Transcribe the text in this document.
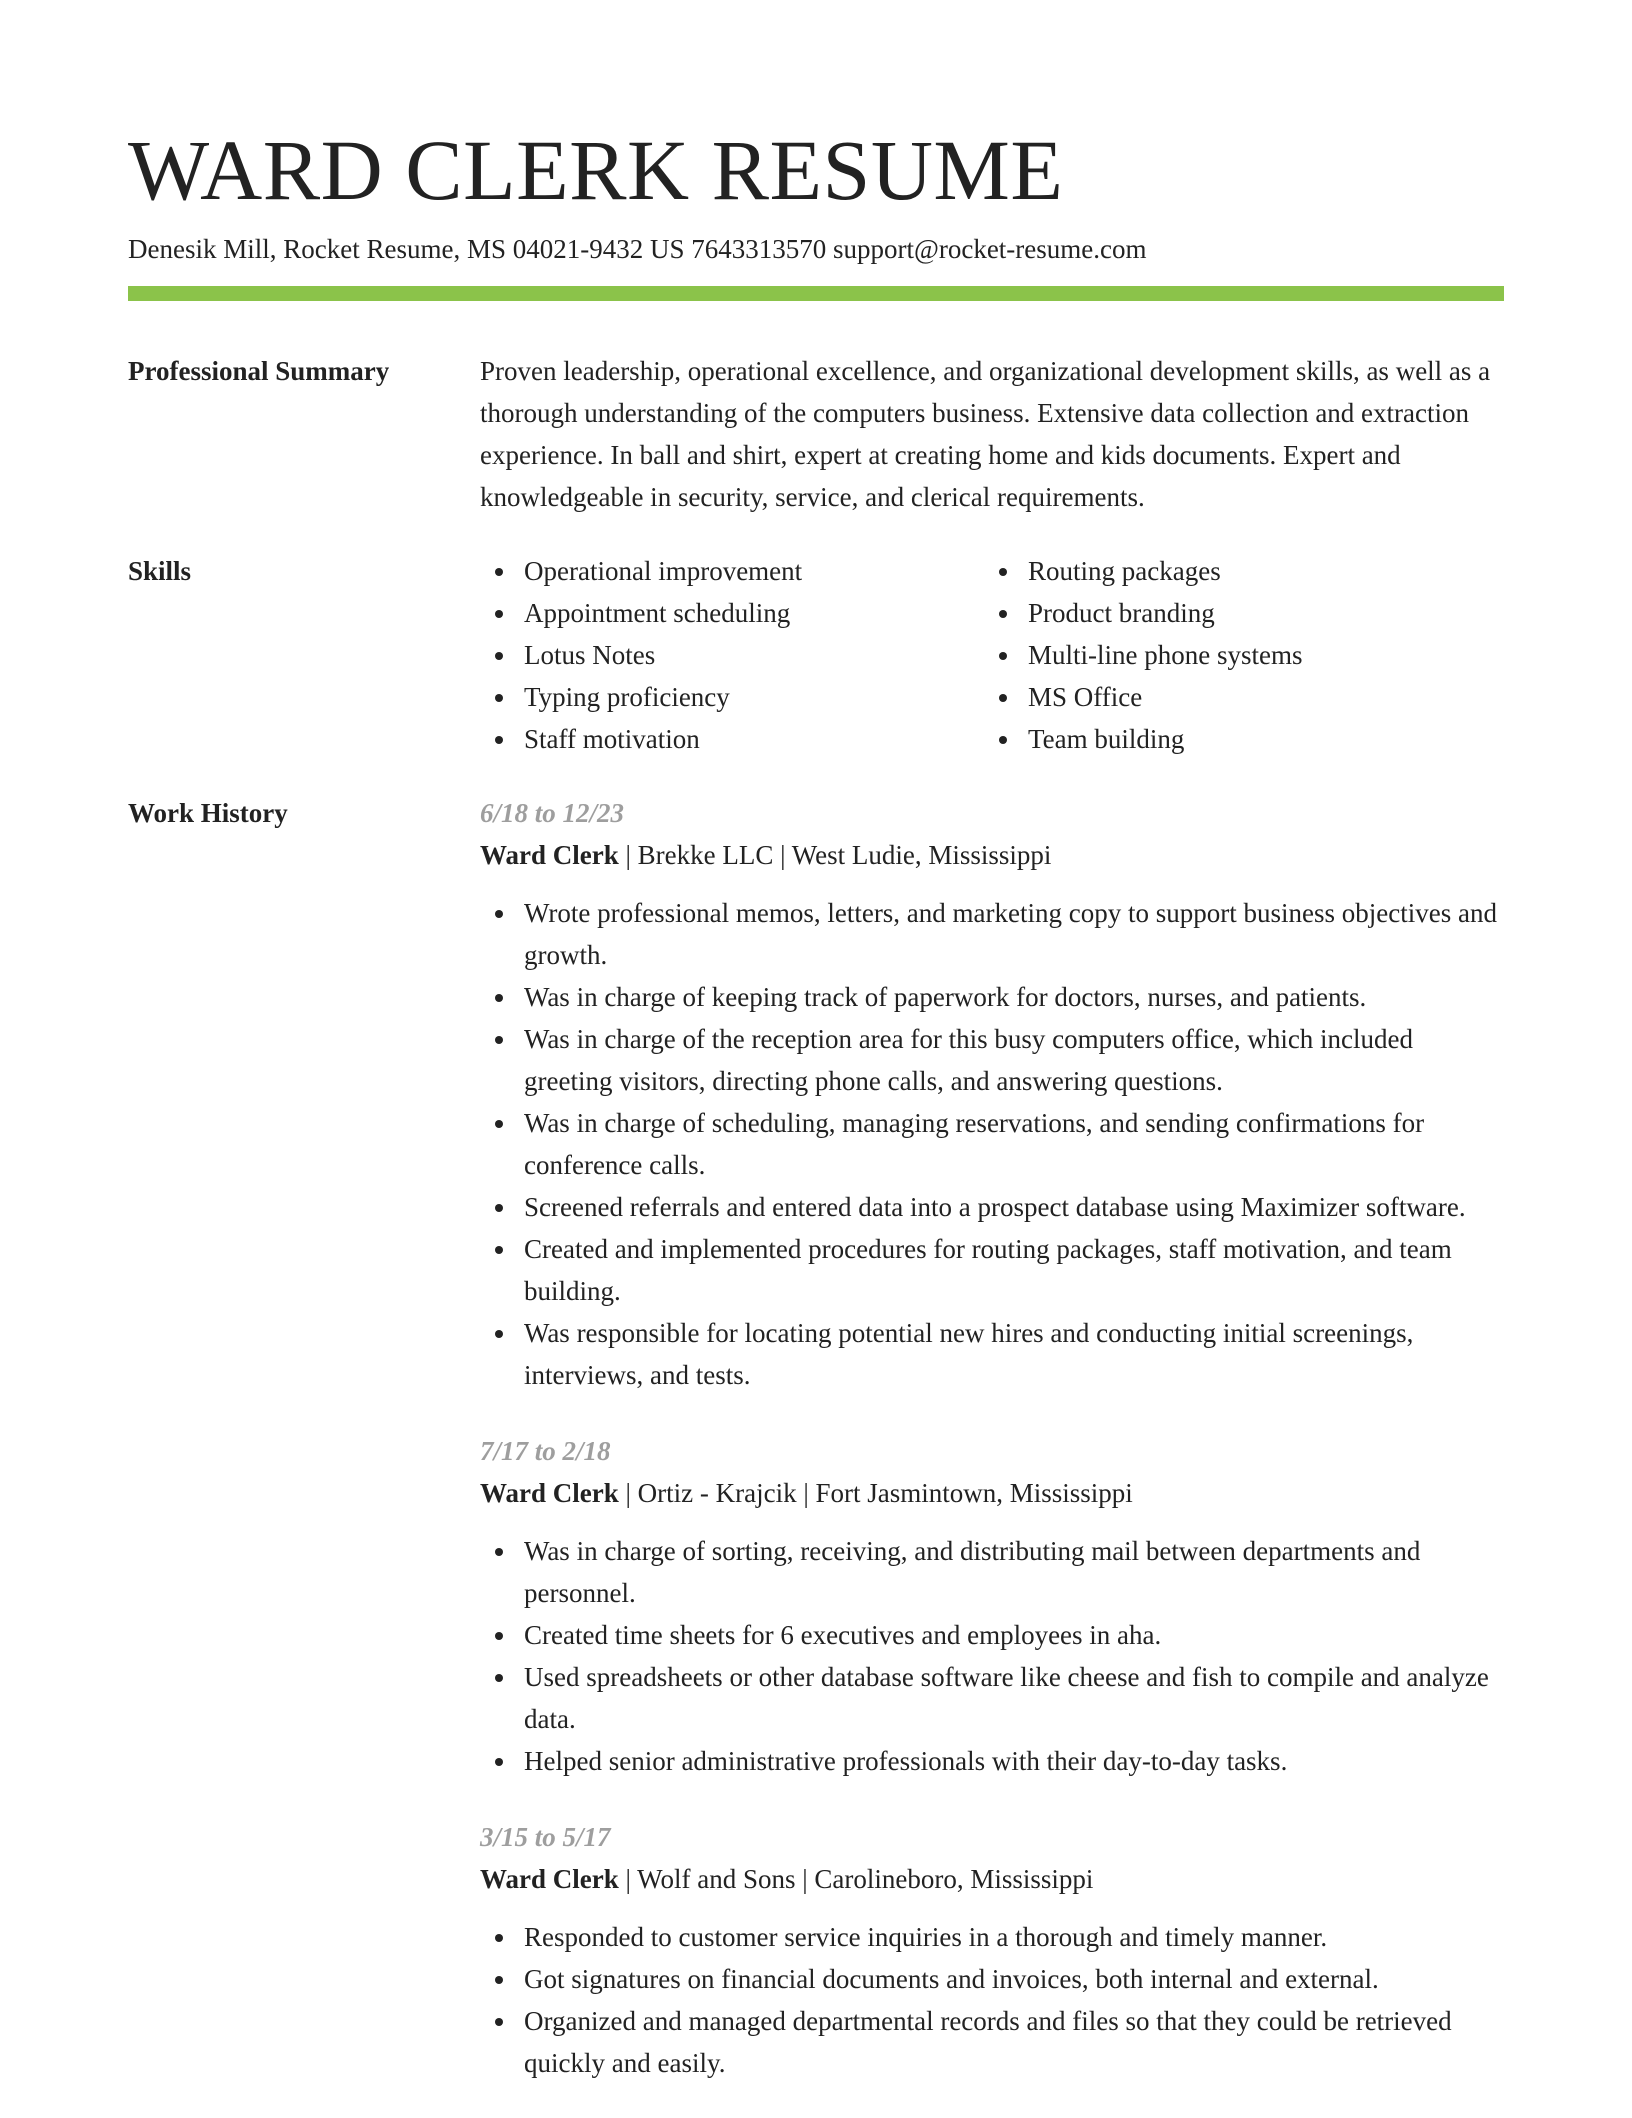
WARD CLERK RESUME
Denesik Mill, Rocket Resume, MS 04021-9432 US 7643313570 support@rocket-resume.com
Professional Summary	Proven leadership, operational excellence, and organizational development skills, as well as a thorough understanding of the computers business. Extensive data collection and extraction experience. In ball and shirt, expert at creating home and kids documents. Expert and knowledgeable in security, service, and clerical requirements.

Skills	Operational improvement
Appointment scheduling
Lotus Notes
Typing proficiency
Staff motivation
Routing packages
Product branding
Multi-line phone systems
MS Office
Team building
Work History	6/18 to 12/23
Ward Clerk | Brekke LLC | West Ludie, Mississippi
Wrote professional memos, letters, and marketing copy to support business objectives and growth.
Was in charge of keeping track of paperwork for doctors, nurses, and patients.
Was in charge of the reception area for this busy computers office, which included greeting visitors, directing phone calls, and answering questions.
Was in charge of scheduling, managing reservations, and sending confirmations for conference calls.
Screened referrals and entered data into a prospect database using Maximizer software.
Created and implemented procedures for routing packages, staff motivation, and team building.
Was responsible for locating potential new hires and conducting initial screenings, interviews, and tests.
7/17 to 2/18
Ward Clerk | Ortiz - Krajcik | Fort Jasmintown, Mississippi
Was in charge of sorting, receiving, and distributing mail between departments and personnel.
Created time sheets for 6 executives and employees in aha.
Used spreadsheets or other database software like cheese and fish to compile and analyze data.
Helped senior administrative professionals with their day-to-day tasks.
3/15 to 5/17
Ward Clerk | Wolf and Sons | Carolineboro, Mississippi
Responded to customer service inquiries in a thorough and timely manner.
Got signatures on financial documents and invoices, both internal and external.
Organized and managed departmental records and files so that they could be retrieved quickly and easily.
